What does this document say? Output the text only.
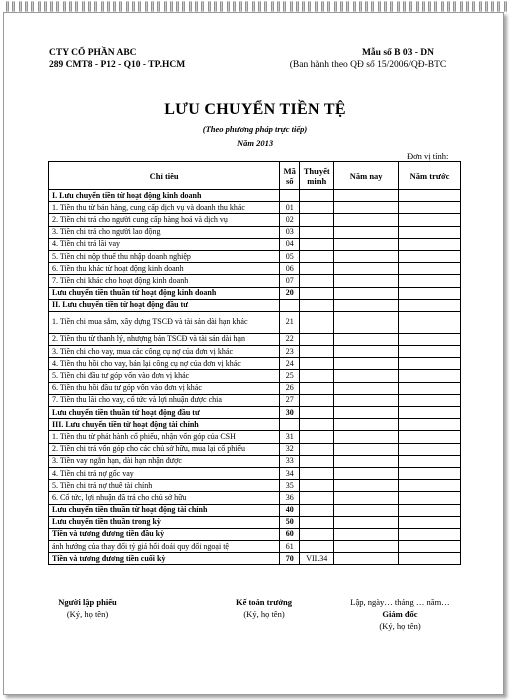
CTY CỔ PHẦN ABC
289 CMT8 - P12 - Q10 - TP.HCM
Mẫu số B 03 - DN
(Ban hành theo QĐ số 15/2006/QĐ-BTC
LƯU CHUYỂN TIỀN TỆ
(Theo phương pháp trực tiếp)
Năm 2013
Đơn vị tính:
Chỉ tiêu	Mã số	Thuyết minh	Năm nay	Năm trước
I. Lưu chuyển tiền từ hoạt động kinh doanh				
1. Tiền thu từ bán hàng, cung cấp dịch vụ và doanh thu khác	01			
2. Tiền chi trả cho người cung cấp hàng hoá và dịch vụ	02			
3. Tiền chi trả cho người lao động	03			
4. Tiền chi trả lãi vay	04			
5. Tiền chi nộp thuế thu nhập doanh nghiệp	05			
6. Tiền thu khác từ hoạt động kinh doanh	06			
7. Tiền chi khác cho hoạt động kinh doanh	07			
Lưu chuyển tiền thuần từ hoạt động kinh doanh	20			
II. Lưu chuyển tiền từ hoạt động đầu tư				
1. Tiền chi mua sắm, xây dựng TSCĐ và tài sản dài hạn khác	21			
2. Tiền thu từ thanh lý, nhượng bán TSCĐ và tài sản dài hạn	22			
3. Tiền chi cho vay, mua các công cụ nợ của đơn vị khác	23			
4. Tiền thu hồi cho vay, bán lại công cụ nợ của đơn vị khác	24			
5. Tiền chi đầu tư góp vốn vào đơn vị khác	25			
6. Tiền thu hồi đầu tư góp vốn vào đơn vị khác	26			
7. Tiền thu lãi cho vay, cổ tức và lợi nhuận được chia	27			
Lưu chuyển tiền thuần từ hoạt động đầu tư	30			
III. Lưu chuyển tiền từ hoạt động tài chính				
1. Tiền thu từ phát hành cổ phiếu, nhận vốn góp của CSH	31			
2. Tiền chi trả vốn góp cho các chủ sở hữu, mua lại cổ phiếu	32			
3. Tiền vay ngắn hạn, dài hạn nhận được	33			
4. Tiền chi trả nợ gốc vay	34			
5. Tiền chi trả nợ thuê tài chính	35			
6. Cổ tức, lợi nhuận đã trả cho chủ sở hữu	36			
Lưu chuyển tiền thuần từ hoạt động tài chính	40			
Lưu chuyển tiền thuần trong kỳ	50			
Tiền và tương đương tiền đầu kỳ	60			
ảnh hưởng của thay đổi tỷ giá hối đoái quy đổi ngoại tệ	61			
Tiền và tương đương tiền cuối kỳ	70	VII.34		
Người lập phiếu
(Ký, họ tên)
Kế toán trưởng
(Ký, họ tên)
Lập, ngày… tháng … năm…
Giám đốc
(Ký, họ tên)
